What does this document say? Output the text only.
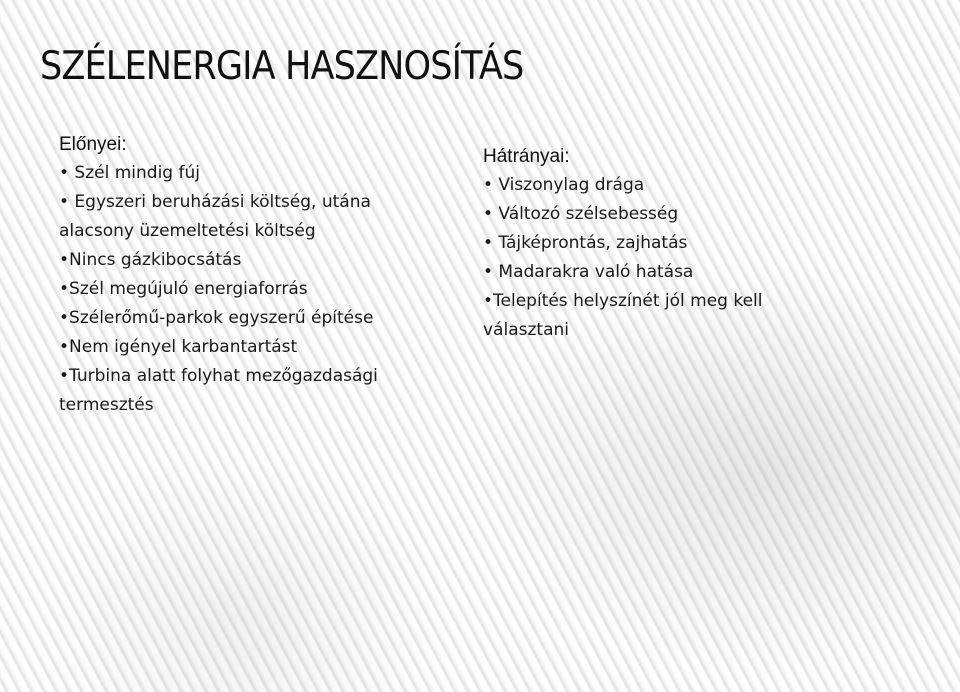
SZÉLENERGIA HASZNOSÍTÁS
Előnyei:
• Szél mindig fúj
• Egyszeri beruházási költség, utána
alacsony üzemeltetési költség
•Nincs gázkibocsátás
•Szél megújuló energiaforrás
•Szélerőmű-parkok egyszerű építése
•Nem igényel karbantartást
•Turbina alatt folyhat mezőgazdasági
termesztés
Hátrányai:
• Viszonylag drága
• Változó szélsebesség
• Tájképrontás, zajhatás
• Madarakra való hatása
•Telepítés helyszínét jól meg kell
választani
